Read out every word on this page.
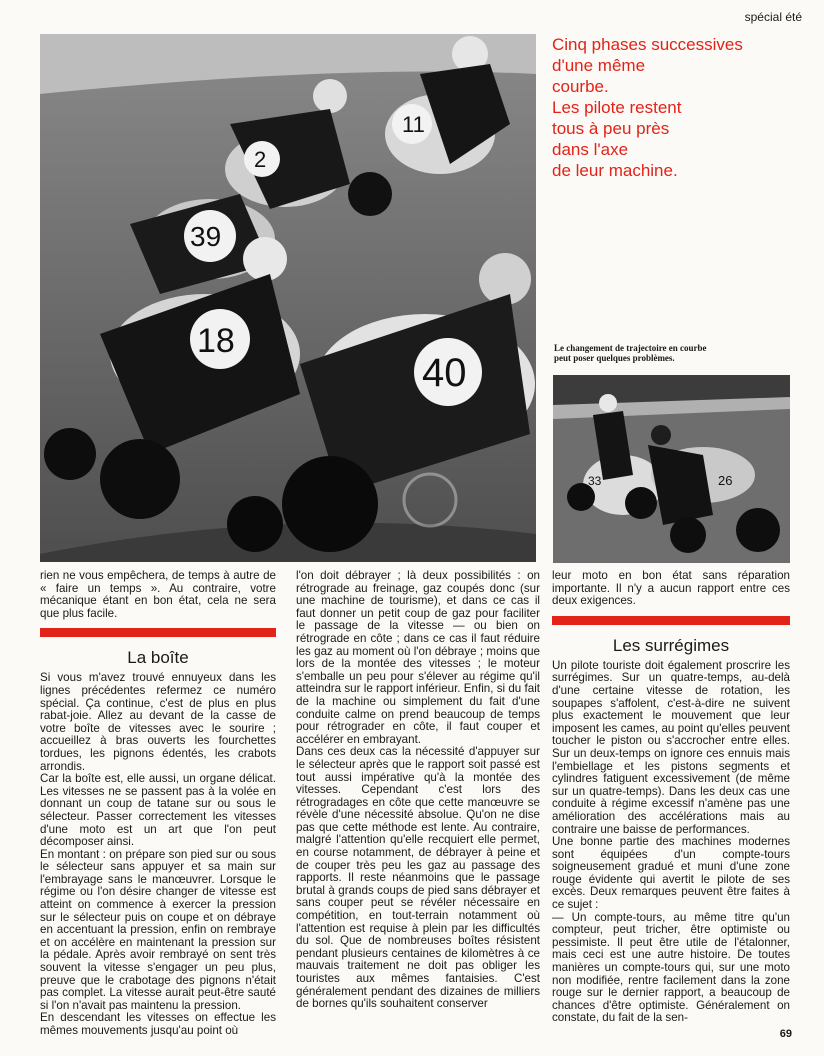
spécial été
11
2
39
18
40

Cinq phases successives

d'une même

courbe.

Les pilote restent

tous à peu près

dans l'axe

de leur machine.

Le changement de trajectoire en courbe peut poser quelques problèmes.
33	26

rien ne vous empêchera, de temps à autre de « faire un temps ». Au contraire, votre mécanique étant en bon état, cela ne sera que plus facile.

La boîte

Si vous m'avez trouvé ennuyeux dans les lignes précédentes refermez ce numéro spécial. Ça continue, c'est de plus en plus rabat-joie. Allez au devant de la casse de votre boîte de vitesses avec le sourire ; accueillez à bras ouverts les fourchettes tordues, les pignons édentés, les crabots arrondis.

Car la boîte est, elle aussi, un organe délicat. Les vitesses ne se passent pas à la volée en donnant un coup de tatane sur ou sous le sélecteur. Passer correctement les vitesses d'une moto est un art que l'on peut décomposer ainsi.

En montant : on prépare son pied sur ou sous le sélecteur sans appuyer et sa main sur l'embrayage sans le manœuvrer. Lorsque le régime ou l'on désire changer de vitesse est atteint on commence à exercer la pression sur le sélecteur puis on coupe et on débraye en accentuant la pression, enfin on rembraye et on accélère en maintenant la pression sur la pédale. Après avoir rembrayé on sent très souvent la vitesse s'engager un peu plus, preuve que le crabotage des pignons n'était pas complet. La vitesse aurait peut-être sauté si l'on n'avait pas maintenu la pression.

En descendant les vitesses on effectue les mêmes mouvements jusqu'au point où

l'on doit débrayer ; là deux possibilités : on rétrograde au freinage, gaz coupés donc (sur une machine de tourisme), et dans ce cas il faut donner un petit coup de gaz pour faciliter le passage de la vitesse — ou bien on rétrograde en côte ; dans ce cas il faut réduire les gaz au moment où l'on débraye ; moins que lors de la montée des vitesses ; le moteur s'emballe un peu pour s'élever au régime qu'il atteindra sur le rapport inférieur. Enfin, si du fait de la machine ou simplement du fait d'une conduite calme on prend beaucoup de temps pour rétrograder en côte, il faut couper et accélérer en embrayant.

Dans ces deux cas la nécessité d'appuyer sur le sélecteur après que le rapport soit passé est tout aussi impérative qu'à la montée des vitesses. Cependant c'est lors des rétrogradages en côte que cette manœuvre se révèle d'une nécessité absolue. Qu'on ne dise pas que cette méthode est lente. Au contraire, malgré l'attention qu'elle recquiert elle permet, en course notamment, de débrayer à peine et de couper très peu les gaz au passage des rapports. Il reste néanmoins que le passage brutal à grands coups de pied sans débrayer et sans couper peut se révéler nécessaire en compétition, en tout-terrain notamment où l'attention est requise à plein par les difficultés du sol. Que de nombreuses boîtes résistent pendant plusieurs centaines de kilomètres à ce mauvais traitement ne doit pas obliger les touristes aux mêmes fantaisies. C'est généralement pendant des dizaines de milliers de bornes qu'ils souhaitent conserver

leur moto en bon état sans réparation importante. Il n'y a aucun rapport entre ces deux exigences.

Les surrégimes

Un pilote touriste doit également proscrire les surrégimes. Sur un quatre-temps, au-delà d'une certaine vitesse de rotation, les soupapes s'affolent, c'est-à-dire ne suivent plus exactement le mouvement que leur imposent les cames, au point qu'elles peuvent toucher le piston ou s'accrocher entre elles. Sur un deux-temps on ignore ces ennuis mais l'embiellage et les pistons segments et cylindres fatiguent excessivement (de même sur un quatre-temps). Dans les deux cas une conduite à régime excessif n'amène pas une amélioration des accélérations mais au contraire une baisse de performances.

Une bonne partie des machines modernes sont équipées d'un compte-tours soigneusement gradué et muni d'une zone rouge évidente qui avertit le pilote de ses excès. Deux remarques peuvent être faites à ce sujet :

— Un compte-tours, au même titre qu'un compteur, peut tricher, être optimiste ou pessimiste. Il peut être utile de l'étalonner, mais ceci est une autre histoire. De toutes manières un compte-tours qui, sur une moto non modifiée, rentre facilement dans la zone rouge sur le dernier rapport, a beaucoup de chances d'être optimiste. Généralement on constate, du fait de la sen-

69
